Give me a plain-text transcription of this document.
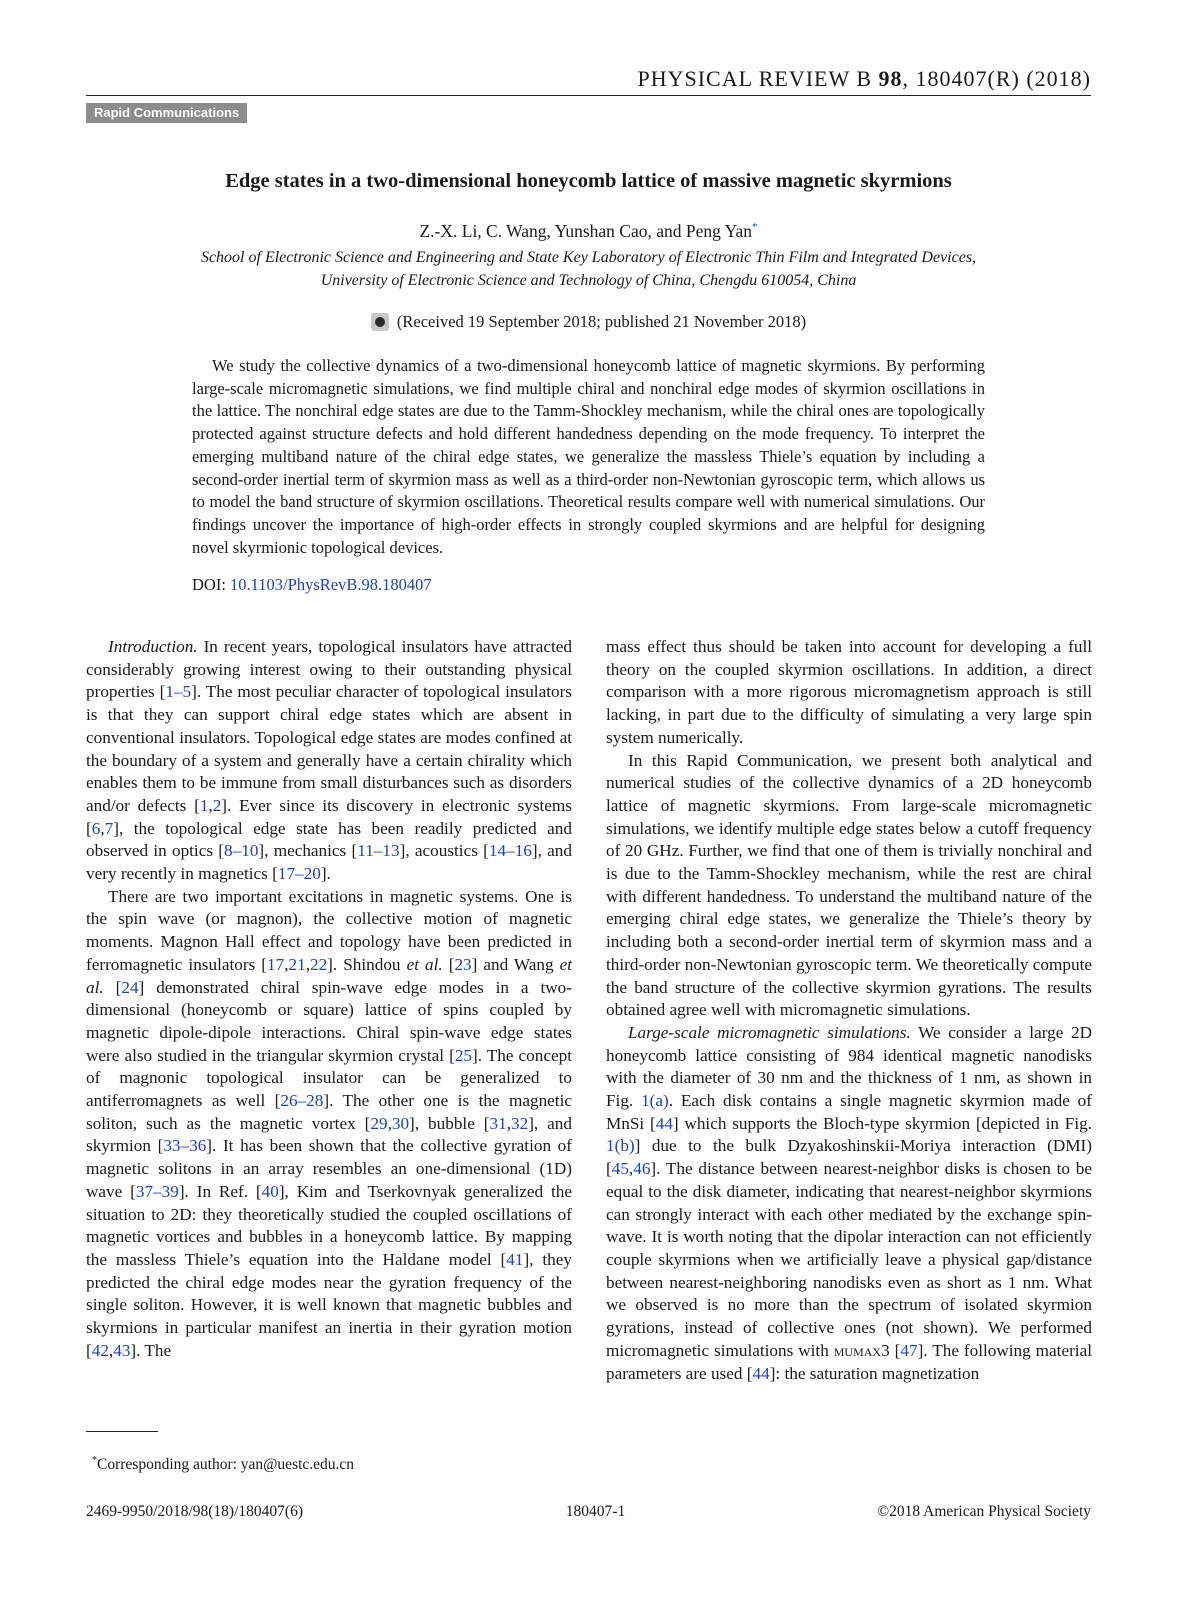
PHYSICAL REVIEW B 98, 180407(R) (2018)
Rapid Communications
Edge states in a two-dimensional honeycomb lattice of massive magnetic skyrmions
Z.-X. Li, C. Wang, Yunshan Cao, and Peng Yan*
School of Electronic Science and Engineering and State Key Laboratory of Electronic Thin Film and Integrated Devices,
University of Electronic Science and Technology of China, Chengdu 610054, China
(Received 19 September 2018; published 21 November 2018)
We study the collective dynamics of a two-dimensional honeycomb lattice of magnetic skyrmions. By performing large-scale micromagnetic simulations, we find multiple chiral and nonchiral edge modes of skyrmion oscillations in the lattice. The nonchiral edge states are due to the Tamm-Shockley mechanism, while the chiral ones are topologically protected against structure defects and hold different handedness depending on the mode frequency. To interpret the emerging multiband nature of the chiral edge states, we generalize the massless Thiele’s equation by including a second-order inertial term of skyrmion mass as well as a third-order non-Newtonian gyroscopic term, which allows us to model the band structure of skyrmion oscillations. Theoretical results compare well with numerical simulations. Our findings uncover the importance of high-order effects in strongly coupled skyrmions and are helpful for designing novel skyrmionic topological devices.
DOI: 10.1103/PhysRevB.98.180407

Introduction. In recent years, topological insulators have attracted considerably growing interest owing to their outstanding physical properties [1–5]. The most peculiar character of topological insulators is that they can support chiral edge states which are absent in conventional insulators. Topological edge states are modes confined at the boundary of a system and generally have a certain chirality which enables them to be immune from small disturbances such as disorders and/or defects [1,2]. Ever since its discovery in electronic systems [6,7], the topological edge state has been readily predicted and observed in optics [8–10], mechanics [11–13], acoustics [14–16], and very recently in magnetics [17–20].

There are two important excitations in magnetic systems. One is the spin wave (or magnon), the collective motion of magnetic moments. Magnon Hall effect and topology have been predicted in ferromagnetic insulators [17,21,22]. Shindou et al. [23] and Wang et al. [24] demonstrated chiral spin-wave edge modes in a two-dimensional (honeycomb or square) lattice of spins coupled by magnetic dipole-dipole interactions. Chiral spin-wave edge states were also studied in the triangular skyrmion crystal [25]. The concept of magnonic topological insulator can be generalized to antiferromagnets as well [26–28]. The other one is the magnetic soliton, such as the magnetic vortex [29,30], bubble [31,32], and skyrmion [33–36]. It has been shown that the collective gyration of magnetic solitons in an array resembles an one-dimensional (1D) wave [37–39]. In Ref. [40], Kim and Tserkovnyak generalized the situation to 2D: they theoretically studied the coupled oscillations of magnetic vortices and bubbles in a honeycomb lattice. By mapping the massless Thiele’s equation into the Haldane model [41], they predicted the chiral edge modes near the gyration frequency of the single soliton. However, it is well known that magnetic bubbles and skyrmions in particular manifest an inertia in their gyration motion [42,43]. The

mass effect thus should be taken into account for developing a full theory on the coupled skyrmion oscillations. In addition, a direct comparison with a more rigorous micromagnetism approach is still lacking, in part due to the difficulty of simulating a very large spin system numerically.

In this Rapid Communication, we present both analytical and numerical studies of the collective dynamics of a 2D honeycomb lattice of magnetic skyrmions. From large-scale micromagnetic simulations, we identify multiple edge states below a cutoff frequency of 20 GHz. Further, we find that one of them is trivially nonchiral and is due to the Tamm-Shockley mechanism, while the rest are chiral with different handedness. To understand the multiband nature of the emerging chiral edge states, we generalize the Thiele’s theory by including both a second-order inertial term of skyrmion mass and a third-order non-Newtonian gyroscopic term. We theoretically compute the band structure of the collective skyrmion gyrations. The results obtained agree well with micromagnetic simulations.

Large-scale micromagnetic simulations. We consider a large 2D honeycomb lattice consisting of 984 identical magnetic nanodisks with the diameter of 30 nm and the thickness of 1 nm, as shown in Fig. 1(a). Each disk contains a single magnetic skyrmion made of MnSi [44] which supports the Bloch-type skyrmion [depicted in Fig. 1(b)] due to the bulk Dzyakoshinskii-Moriya interaction (DMI) [45,46]. The distance between nearest-neighbor disks is chosen to be equal to the disk diameter, indicating that nearest-neighbor skyrmions can strongly interact with each other mediated by the exchange spin-wave. It is worth noting that the dipolar interaction can not efficiently couple skyrmions when we artificially leave a physical gap/distance between nearest-neighboring nanodisks even as short as 1 nm. What we observed is no more than the spectrum of isolated skyrmion gyrations, instead of collective ones (not shown). We performed micromagnetic simulations with mumax3 [47]. The following material parameters are used [44]: the saturation magnetization

*Corresponding author: yan@uestc.edu.cn
2469-9950/2018/98(18)/180407(6)	180407-1	©2018 American Physical Society
